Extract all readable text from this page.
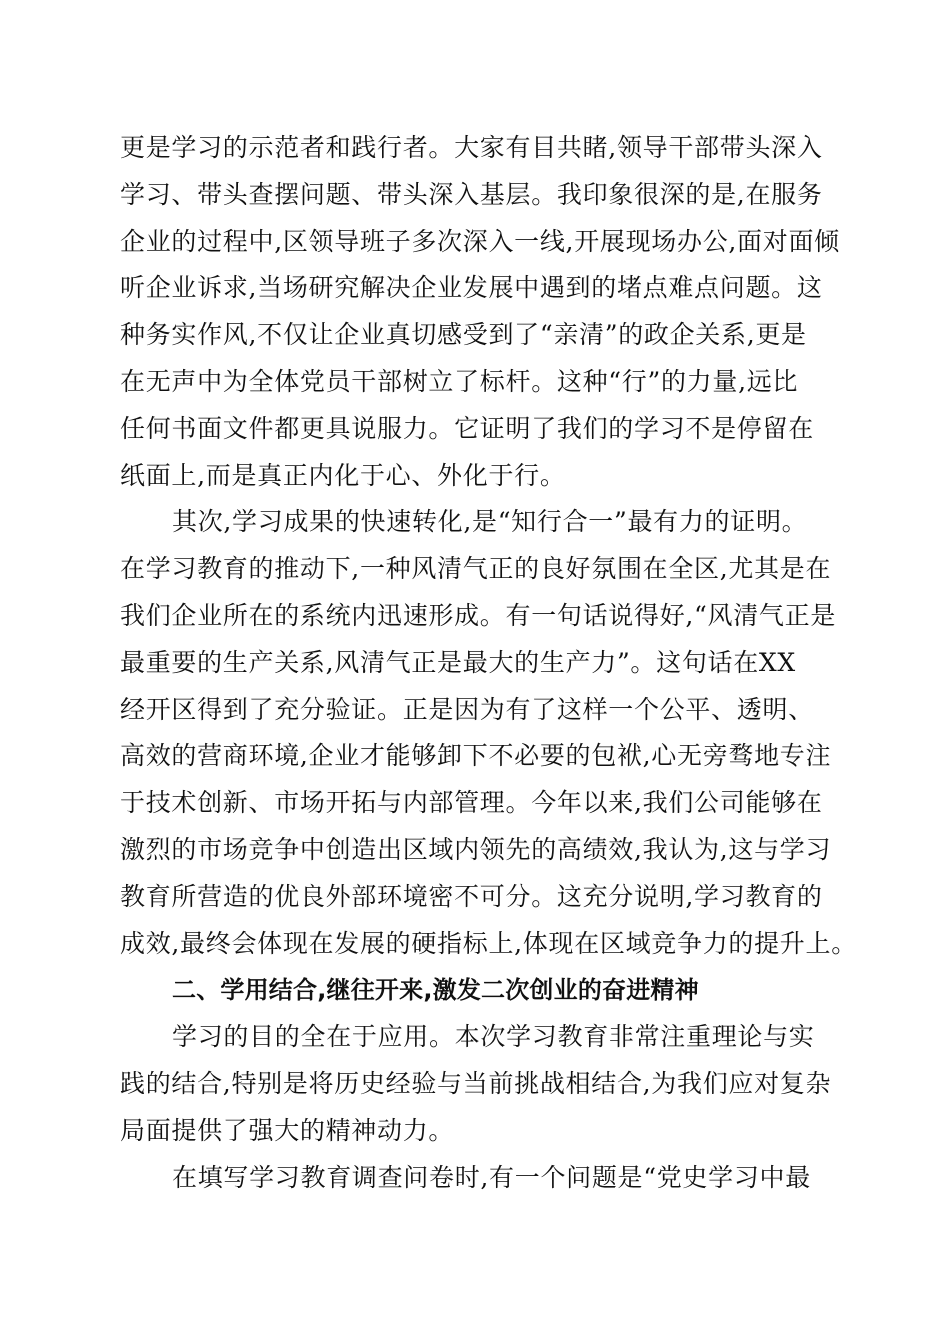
更是学习的示范者和践行者。大家有目共睹,领导干部带头深入
学习、带头查摆问题、带头深入基层。我印象很深的是,在服务
企业的过程中,区领导班子多次深入一线,开展现场办公,面对面倾
听企业诉求,当场研究解决企业发展中遇到的堵点难点问题。这
种务实作风,不仅让企业真切感受到了“亲清”的政企关系,更是
在无声中为全体党员干部树立了标杆。这种“行”的力量,远比
任何书面文件都更具说服力。它证明了我们的学习不是停留在
纸面上,而是真正内化于心、外化于行。
其次,学习成果的快速转化,是“知行合一”最有力的证明。
在学习教育的推动下,一种风清气正的良好氛围在全区,尤其是在
我们企业所在的系统内迅速形成。有一句话说得好,“风清气正是
最重要的生产关系,风清气正是最大的生产力”。这句话在XX
经开区得到了充分验证。正是因为有了这样一个公平、透明、
高效的营商环境,企业才能够卸下不必要的包袱,心无旁骛地专注
于技术创新、市场开拓与内部管理。今年以来,我们公司能够在
激烈的市场竞争中创造出区域内领先的高绩效,我认为,这与学习
教育所营造的优良外部环境密不可分。这充分说明,学习教育的
成效,最终会体现在发展的硬指标上,体现在区域竞争力的提升上。
二、学用结合,继往开来,激发二次创业的奋进精神
学习的目的全在于应用。本次学习教育非常注重理论与实
践的结合,特别是将历史经验与当前挑战相结合,为我们应对复杂
局面提供了强大的精神动力。
在填写学习教育调查问卷时,有一个问题是“党史学习中最
